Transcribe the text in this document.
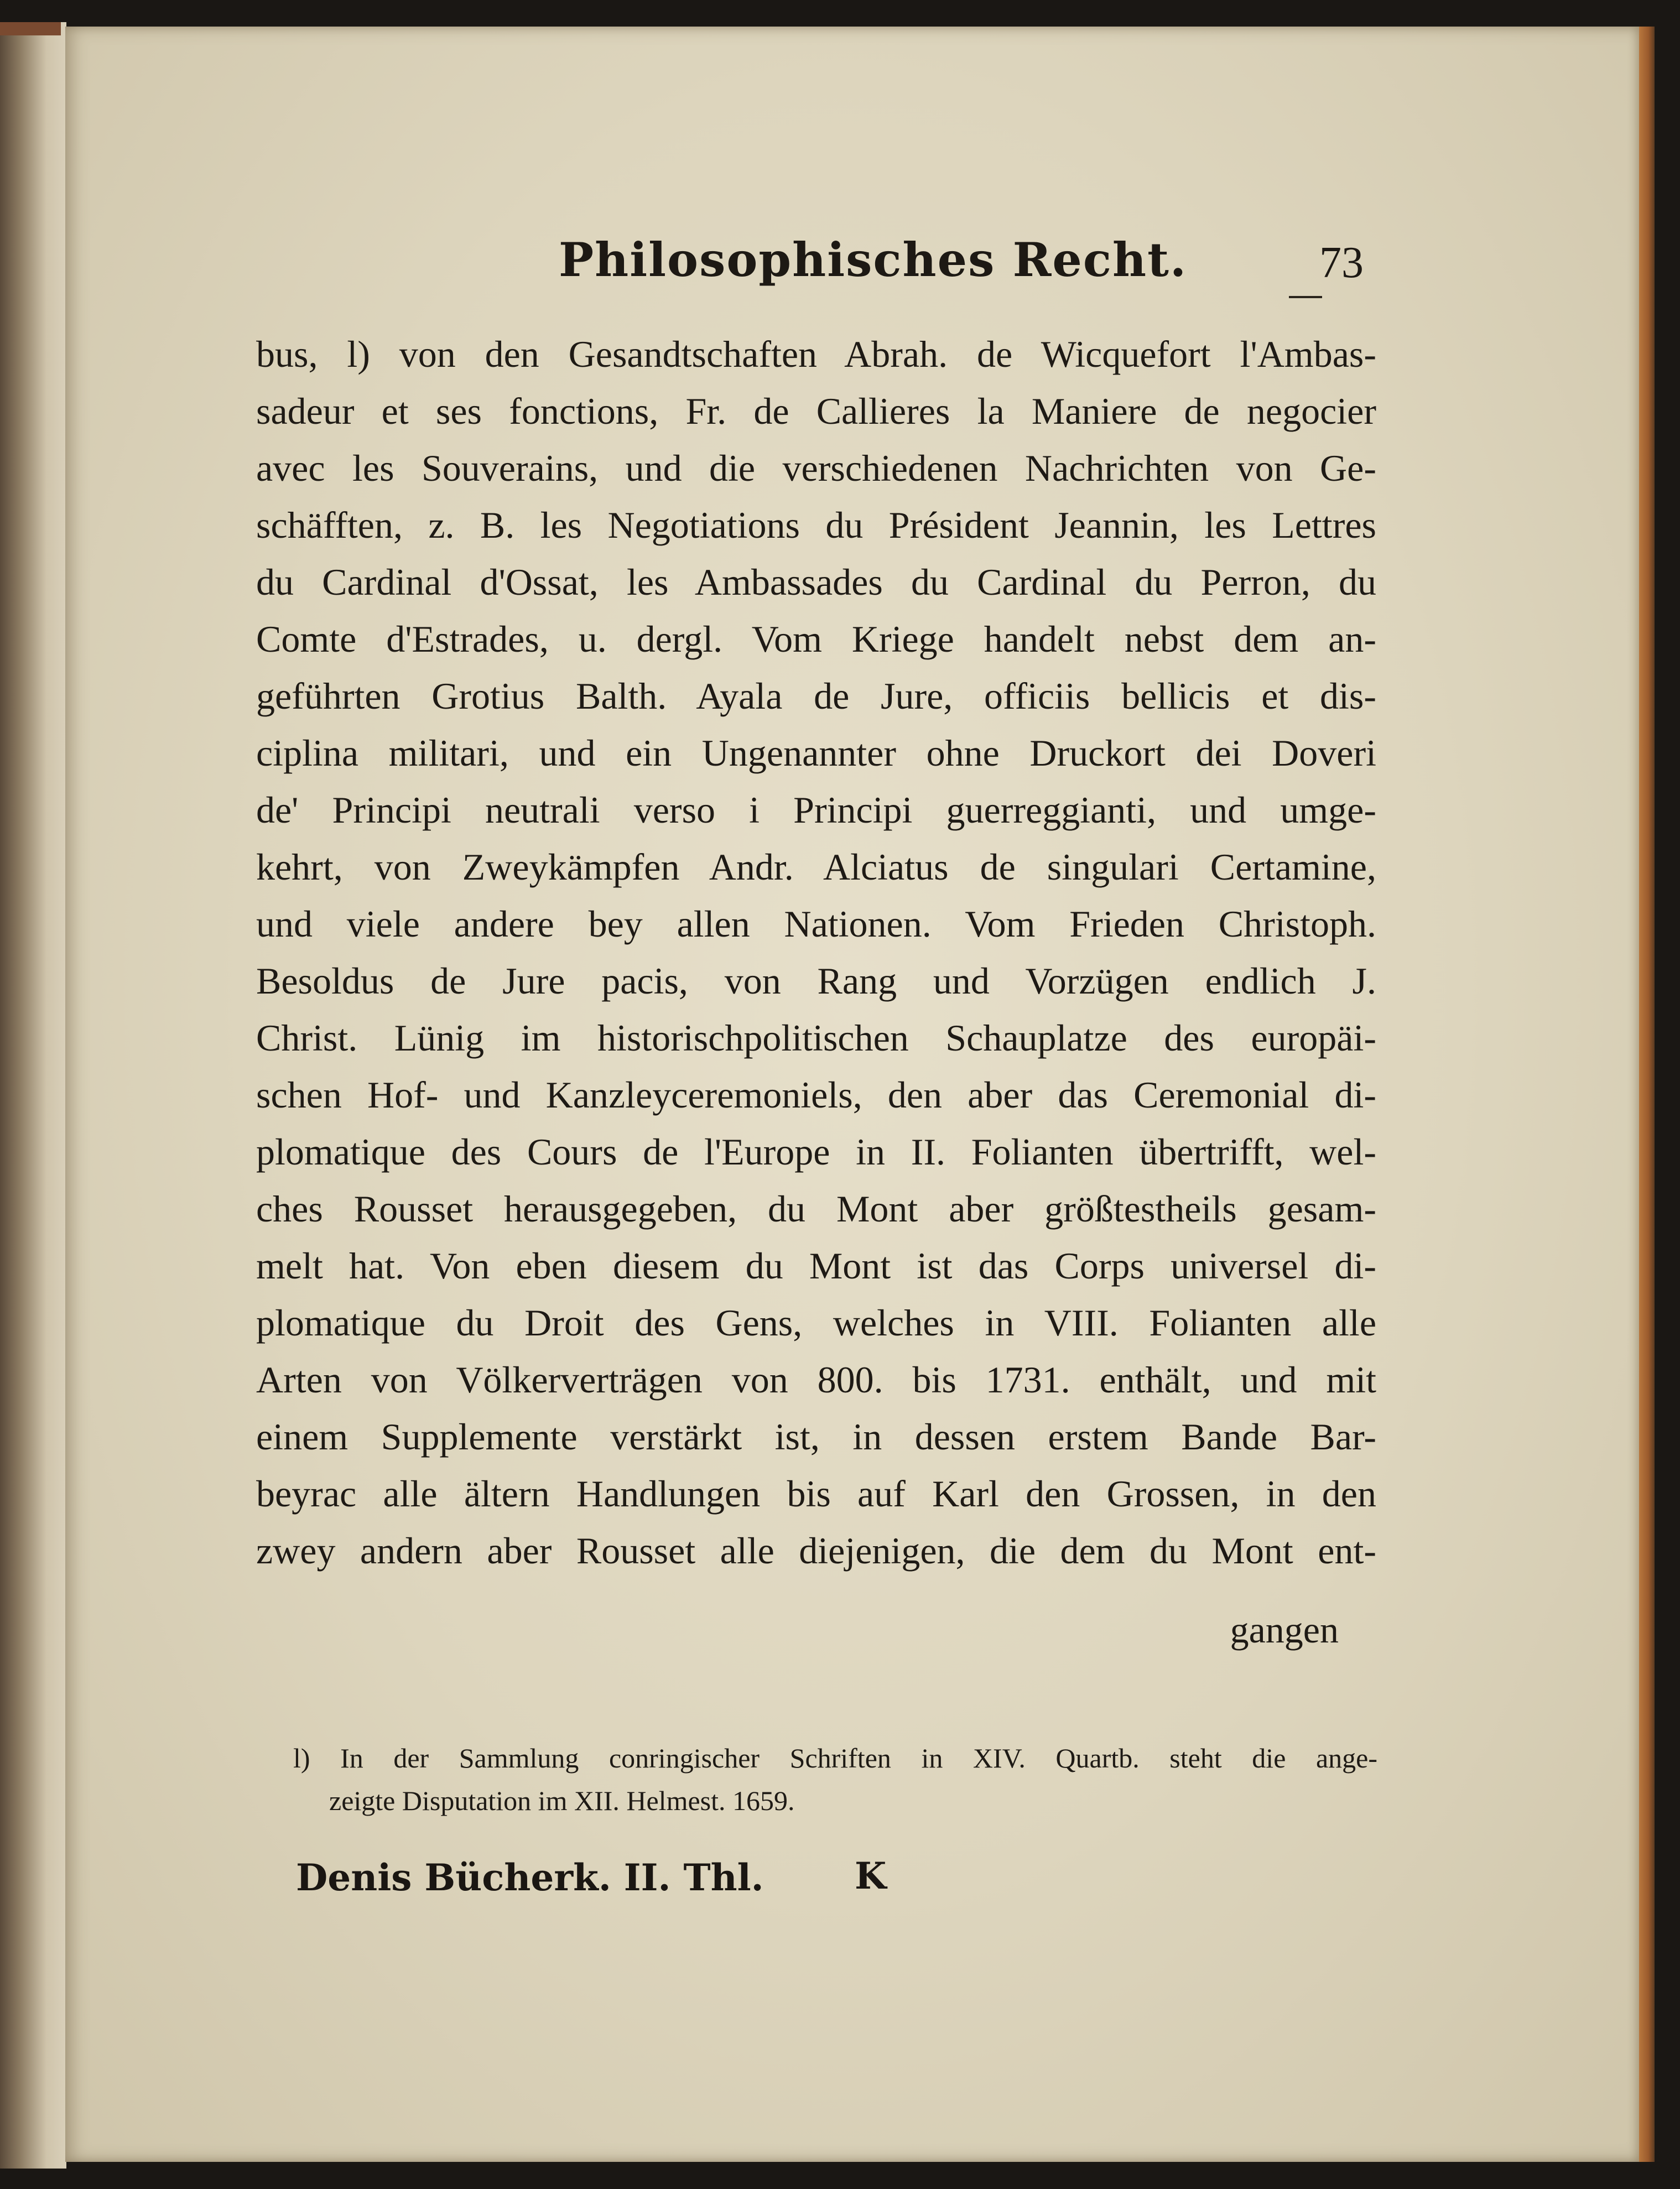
Philosophisches Recht.	73
bus, l) von den Gesandtschaften Abrah. de Wicquefort l'Ambas-
sadeur et ses fonctions, Fr. de Callieres la Maniere de negocier
avec les Souverains, und die verschiedenen Nachrichten von Ge-
schäfften, z. B. les Negotiations du Président Jeannin, les Lettres
du Cardinal d'Ossat, les Ambassades du Cardinal du Perron, du
Comte d'Estrades, u. dergl. Vom Kriege handelt nebst dem an-
geführten Grotius Balth. Ayala de Jure, officiis bellicis et dis-
ciplina militari, und ein Ungenannter ohne Druckort dei Doveri
de' Principi neutrali verso i Principi guerreggianti, und umge-
kehrt, von Zweykämpfen Andr. Alciatus de singulari Certamine,
und viele andere bey allen Nationen. Vom Frieden Christoph.
Besoldus de Jure pacis, von Rang und Vorzügen endlich J.
Christ. Lünig im historischpolitischen Schauplatze des europäi-
schen Hof- und Kanzleyceremoniels, den aber das Ceremonial di-
plomatique des Cours de l'Europe in II. Folianten übertrifft, wel-
ches Rousset herausgegeben, du Mont aber größtestheils gesam-
melt hat. Von eben diesem du Mont ist das Corps universel di-
plomatique du Droit des Gens, welches in VIII. Folianten alle
Arten von Völkerverträgen von 800. bis 1731. enthält, und mit
einem Supplemente verstärkt ist, in dessen erstem Bande Bar-
beyrac alle ältern Handlungen bis auf Karl den Grossen, in den
zwey andern aber Rousset alle diejenigen, die dem du Mont ent-
gangen
l) In der Sammlung conringischer Schriften in XIV. Quartb. steht die ange-
zeigte Disputation im XII. Helmest. 1659.
Denis Bücherk. II. Thl. K
